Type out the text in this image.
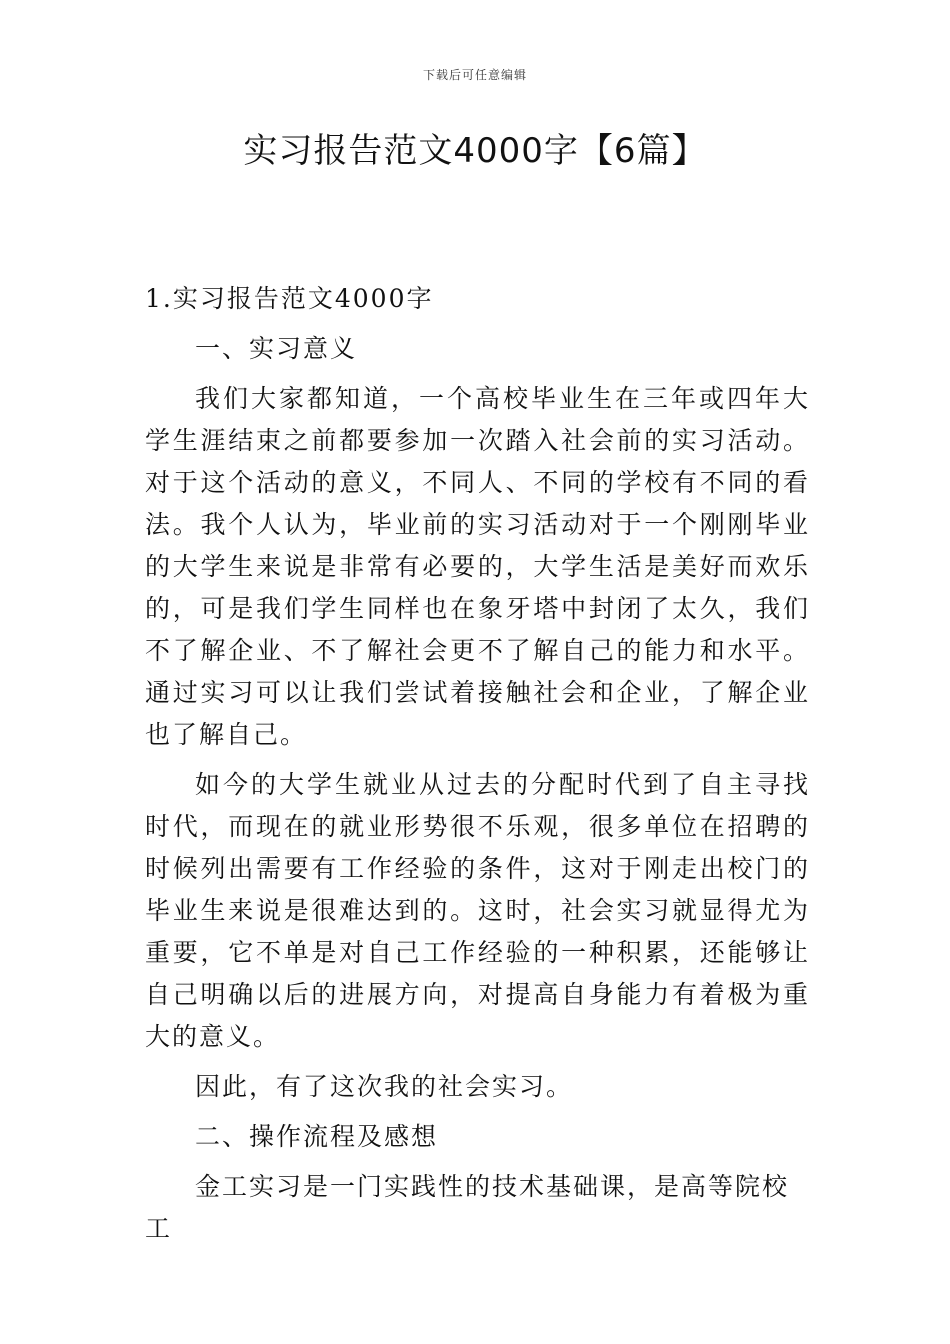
下载后可任意编辑
实习报告范文4000字【6篇】

1.实习报告范文4000字

一、实习意义

我们大家都知道，一个高校毕业生在三年或四年大学生涯结束之前都要参加一次踏入社会前的实习活动。对于这个活动的意义，不同人、不同的学校有不同的看法。我个人认为，毕业前的实习活动对于一个刚刚毕业的大学生来说是非常有必要的，大学生活是美好而欢乐的，可是我们学生同样也在象牙塔中封闭了太久，我们不了解企业、不了解社会更不了解自己的能力和水平。通过实习可以让我们尝试着接触社会和企业，了解企业也了解自己。

如今的大学生就业从过去的分配时代到了自主寻找时代，而现在的就业形势很不乐观，很多单位在招聘的时候列出需要有工作经验的条件，这对于刚走出校门的毕业生来说是很难达到的。这时，社会实习就显得尤为重要，它不单是对自己工作经验的一种积累，还能够让自己明确以后的进展方向，对提高自身能力有着极为重大的意义。

因此，有了这次我的社会实习。

二、操作流程及感想

金工实习是一门实践性的技术基础课，是高等院校工
